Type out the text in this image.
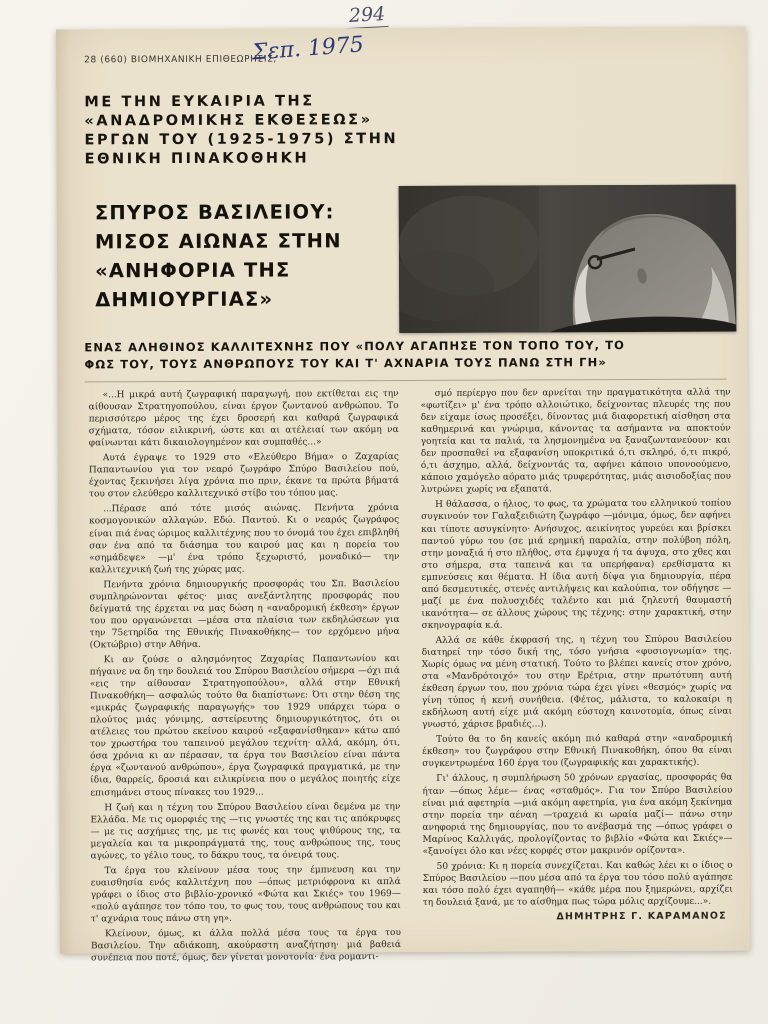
294
28 (660) ΒΙΟΜΗΧΑΝΙΚΗ ΕΠΙΘΕΩΡΗΣΙΣ,
Σεπ. 1975
ΜΕ ΤΗΝ ΕΥΚΑΙΡΙΑ ΤΗΣ
«ΑΝΑΔΡΟΜΙΚΗΣ ΕΚΘΕΣΕΩΣ»
ΕΡΓΩΝ ΤΟΥ (1925-1975) ΣΤΗΝ
ΕΘΝΙΚΗ ΠΙΝΑΚΟΘΗΚΗ
ΣΠΥΡΟΣ ΒΑΣΙΛΕΙΟΥ:
ΜΙΣΟΣ ΑΙΩΝΑΣ ΣΤΗΝ
«ΑΝΗΦΟΡΙΑ ΤΗΣ ΔΗΜΙΟΥΡΓΙΑΣ»
ΕΝΑΣ ΑΛΗΘΙΝΟΣ ΚΑΛΛΙΤΕΧΝΗΣ ΠΟΥ «ΠΟΛΥ ΑΓΑΠΗΣΕ ΤΟΝ ΤΟΠΟ ΤΟΥ, ΤΟ
ΦΩΣ ΤΟΥ, ΤΟΥΣ ΑΝΘΡΩΠΟΥΣ ΤΟΥ ΚΑΙ Τ' ΑΧΝΑΡΙΑ ΤΟΥΣ ΠΑΝΩ ΣΤΗ ΓΗ»

«...Η μικρά αυτή ζωγραφική παραγωγή, που εκτίθεται εις την αίθουσαν Στρατηγοπούλου, είναι έργον ζωντανού ανθρώπου. Το περισσότερο μέρος της έχει δροσερή και καθαρά ζωγραφικά σχήματα, τόσον ειλικρινή, ώστε και αι ατέλειαί των ακόμη να φαίνωνται κάτι δικαιολογημένον και συμπαθές...»

Αυτά έγραψε το 1929 στο «Ελεύθερο Βήμα» ο Ζαχαρίας Παπαντωνίου για τον νεαρό ζωγράφο Σπύρο Βασιλείου πού, έχοντας ξεκινήσει λίγα χρόνια πιο πριν, έκανε τα πρώτα βήματά του στον ελεύθερο καλλιτεχνικό στίβο του τόπου μας.

...Πέρασε από τότε μισός αιώνας. Πενήντα χρόνια κοσμογονικών αλλαγών. Εδώ. Παντού. Κι ο νεαρός ζωγράφος είναι πιά ένας ώριμος καλλιτέχνης που το όνομά του έχει επιβληθή σαν ένα από τα διάσημα του καιρού μας και η πορεία του «σημάδεψε» —μ' ένα τρόπο ξεχωριστό, μοναδικό— την καλλιτεχνική ζωή της χώρας μας.

Πενήντα χρόνια δημιουργικής προσφοράς του Σπ. Βασιλείου συμπληρώνονται φέτος· μιας ανεξάντλητης προσφοράς που δείγματά της έρχεται να μας δώση η «αναδρομική έκθεση» έργων του που οργανώνεται —μέσα στα πλαίσια των εκδηλώσεων για την 75ετηρίδα της Εθνικής Πινακοθήκης— τον ερχόμενο μήνα (Οκτώβριο) στην Αθήνα.

Κι αν ζούσε ο αλησμόνητος Ζαχαρίας Παπαντωνίου και πήγαινε να δη την δουλειά του Σπύρου Βασιλείου σήμερα —όχι πιά «εις την αίθουσαν Στρατηγοπούλου», αλλά στην Εθνική Πινακοθήκη— ασφαλώς τούτο θα διαπίστωνε: Ότι στην θέση της «μικράς ζωγραφικής παραγωγής» του 1929 υπάρχει τώρα ο πλούτος μιάς γόνιμης, αστείρευτης δημιουργικότητος, ότι οι ατέλειες του πρώτου εκείνου καιρού «εξαφανίσθηκαν» κάτω από τον χρωστήρα του ταπεινού μεγάλου τεχνίτη· αλλά, ακόμη, ότι, όσα χρόνια κι αν πέρασαν, τα έργα του Βασιλείου είναι πάντα έργα «ζωντανού ανθρώπου», έργα ζωγραφικά πραγματικά, με την ίδια, θαρρείς, δροσιά και ειλικρίνεια που ο μεγάλος ποιητής είχε επισημάνει στους πίνακες του 1929...

Η ζωή και η τέχνη του Σπύρου Βασιλείου είναι δεμένα με την Ελλάδα. Με τις ομορφιές της —τις γνωστές της και τις απόκρυφες— με τις ασχήμιες της, με τις φωνές και τους ψιθύρους της, τα μεγαλεία και τα μικροπράγματά της, τους ανθρώπους της, τους αγώνες, το γέλιο τους, το δάκρυ τους, τα όνειρά τους.

Τα έργα του κλείνουν μέσα τους την έμπνευση και την ευαισθησία ενός καλλιτέχνη που —όπως μετριόφρονα κι απλά γράφει ο ίδιος στο βιβλίο-χρονικό «Φώτα και Σκιές» του 1969— «πολύ αγάπησε τον τόπο του, το φως του, τους ανθρώπους του και τ' αχνάρια τους πάνω στη γη».

Κλείνουν, όμως, κι άλλα πολλά μέσα τους τα έργα του Βασιλείου. Την αδιάκοπη, ακούραστη αναζήτηση· μιά βαθειά συνέπεια που ποτέ, όμως, δεν γίνεται μονοτονία· ένα ρομαντι-

σμό περίεργο που δεν αρνείται την πραγματικότητα αλλά την «φωτίζει» μ' ένα τρόπο αλλοιώτικο, δείχνοντας πλευρές της που δεν είχαμε ίσως προσέξει, δίνοντας μιά διαφορετική αίσθηση στα καθημερινά και γνώριμα, κάνοντας τα ασήμαντα να αποκτούν γοητεία και τα παλιά, τα λησμονημένα να ξαναζωντανεύουν· και δεν προσπαθεί να εξαφανίση υποκριτικά ό,τι σκληρό, ό,τι πικρό, ό,τι άσχημο, αλλά, δείχνοντάς τα, αφήνει κάποιο υπονοούμενο, κάποιο χαμόγελο αόρατο μιάς τρυφερότητας, μιάς αισιοδοξίας που λυτρώνει χωρίς να εξαπατά.

Η θάλασσα, ο ήλιος, το φως, τα χρώματα του ελληνικού τοπίου συγκινούν τον Γαλαξειδιώτη ζωγράφο —μόνιμα, όμως, δεν αφήνει και τίποτε ασυγκίνητο· Ανήσυχος, αεικίνητος γυρεύει και βρίσκει παντού γύρω του (σε μιά ερημική παραλία, στην πολύβοη πόλη, στην μοναξιά ή στο πλήθος, στα έμψυχα ή τα άψυχα, στο χθες και στο σήμερα, στα ταπεινά και τα υπερήφανα) ερεθίσματα κι εμπνεύσεις και θέματα. Η ίδια αυτή δίψα για δημιουργία, πέρα από δεσμευτικές, στενές αντιλήψεις και καλούπια, τον οδήγησε —μαζί με ένα πολυσχιδές ταλέντο και μιά ζηλευτή θαυμαστή ικανότητα— σε άλλους χώρους της τέχνης: στην χαρακτική, στην σκηνογραφία κ.ά.

Αλλά σε κάθε έκφρασή της, η τέχνη του Σπύρου Βασιλείου διατηρεί την τόσο δική της, τόσο γνήσια «φυσιογνωμία» της. Χωρίς όμως να μένη στατική. Τούτο το βλέπει κανείς στον χρόνο, στα «Μανδρότοιχό» του στην Ερέτρια, στην πρωτότυπη αυτή έκθεση έργων του, που χρόνια τώρα έχει γίνει «θεσμός» χωρίς να γίνη τύπος ή κενή συνήθεια. (Φέτος, μάλιστα, το καλοκαίρι η εκδήλωση αυτή είχε μιά ακόμη εύστοχη καινοτομία, όπως είναι γνωστό, χάρισε βραδιές...).

Τούτο θα το δη κανείς ακόμη πιό καθαρά στην «αναδρομική έκθεση» του ζωγράφου στην Εθνική Πινακοθήκη, όπου θα είναι συγκεντρωμένα 160 έργα του (ζωγραφικής και χαρακτικής).

Γι' άλλους, η συμπλήρωση 50 χρόνων εργασίας, προσφοράς θα ήταν —όπως λέμε— ένας «σταθμός». Για τον Σπύρο Βασιλείου είναι μιά αφετηρία —μιά ακόμη αφετηρία, για ένα ακόμη ξεκίνημα στην πορεία την αέναη —τραχειά κι ωραία μαζί— πάνω στην ανηφοριά της δημιουργίας, που το ανέβασμά της —όπως γράφει ο Μαρίνος Καλλιγάς, προλογίζοντας το βιβλίο «Φώτα και Σκιές»— «ξανοίγει όλο και νέες κορφές στον μακρινόν ορίζοντα».

50 χρόνια: Κι η πορεία συνεχίζεται. Και καθώς λέει κι ο ίδιος ο Σπύρος Βασιλείου —που μέσα από τα έργα του τόσο πολύ αγάπησε και τόσο πολύ έχει αγαπηθή— «κάθε μέρα που ξημερώνει, αρχίζει τη δουλειά ξανά, με το αίσθημα πως τώρα μόλις αρχίζουμε...».

ΔΗΜΗΤΡΗΣ Γ. ΚΑΡΑΜΑΝΟΣ
